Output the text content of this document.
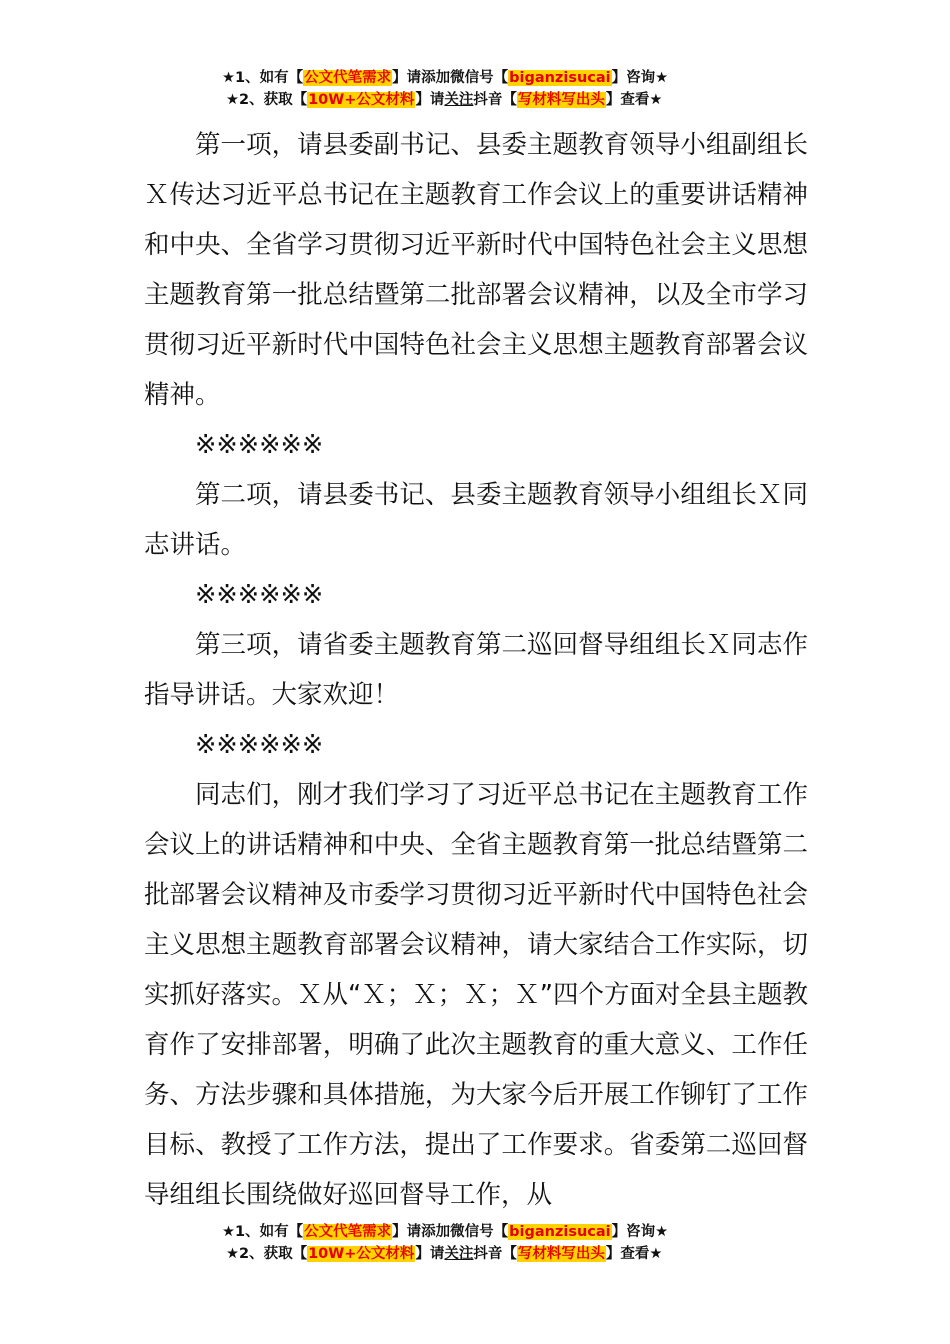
★1、如有【公文代笔需求】请添加微信号【biganzisucai】咨询★
★2、获取【10W+公文材料】请关注抖音【写材料写出头】查看★

第一项，请县委副书记、县委主题教育领导小组副组长Ｘ传达习近平总书记在主题教育工作会议上的重要讲话精神和中央、全省学习贯彻习近平新时代中国特色社会主义思想主题教育第一批总结暨第二批部署会议精神，以及全市学习贯彻习近平新时代中国特色社会主义思想主题教育部署会议精神。

※※※※※※

第二项，请县委书记、县委主题教育领导小组组长Ｘ同志讲话。

※※※※※※

第三项，请省委主题教育第二巡回督导组组长Ｘ同志作指导讲话。大家欢迎！

※※※※※※

同志们，刚才我们学习了习近平总书记在主题教育工作会议上的讲话精神和中央、全省主题教育第一批总结暨第二批部署会议精神及市委学习贯彻习近平新时代中国特色社会主义思想主题教育部署会议精神，请大家结合工作实际，切实抓好落实。Ｘ从“Ｘ；Ｘ；Ｘ；Ｘ”四个方面对全县主题教育作了安排部署，明确了此次主题教育的重大意义、工作任务、方法步骤和具体措施，为大家今后开展工作铆钉了工作目标、教授了工作方法，提出了工作要求。省委第二巡回督导组组长围绕做好巡回督导工作，从

★1、如有【公文代笔需求】请添加微信号【biganzisucai】咨询★
★2、获取【10W+公文材料】请关注抖音【写材料写出头】查看★
